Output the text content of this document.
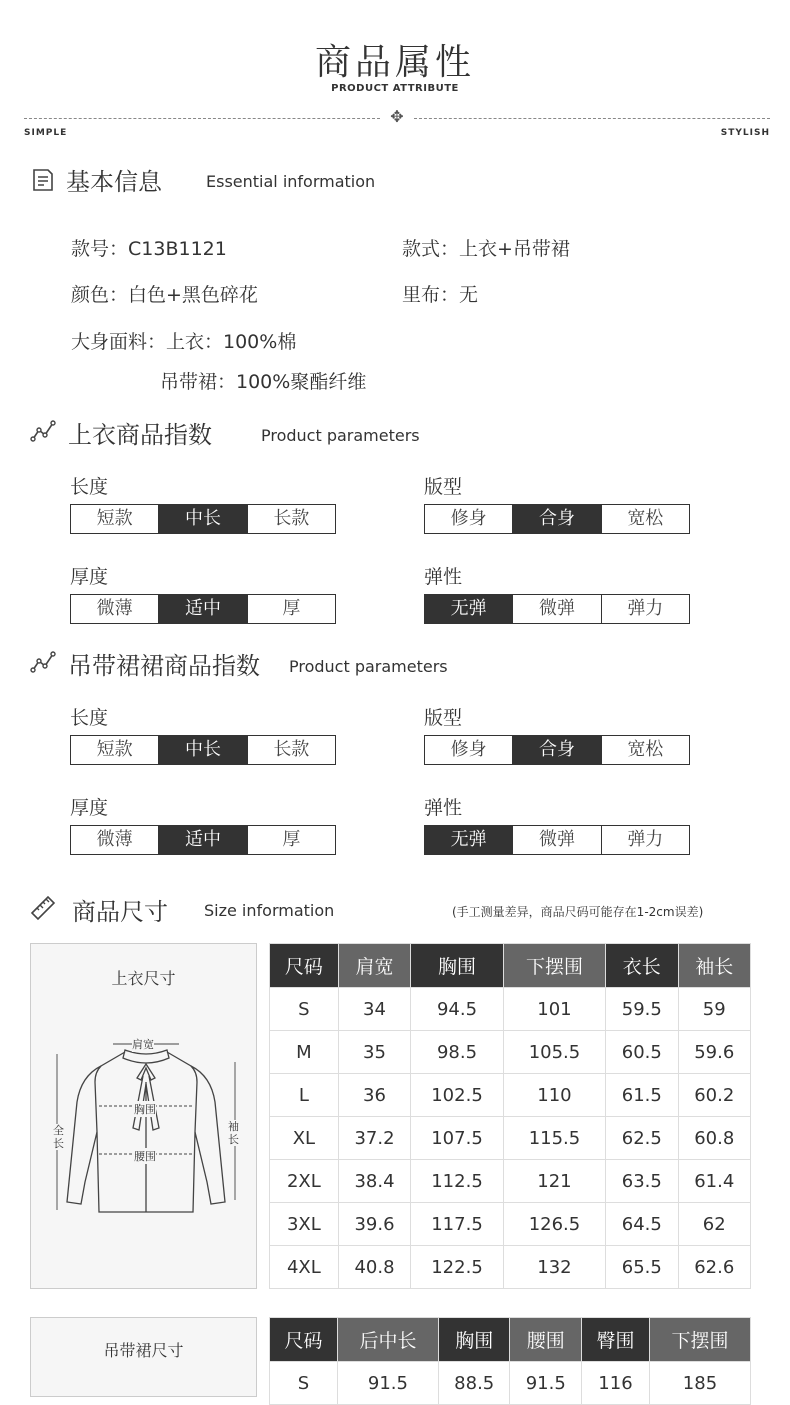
商品属性
PRODUCT ATTRIBUTE
✥
SIMPLE	STYLISH
基本信息	Essential information
款号：C13B1121	款式：上衣+吊带裙
颜色：白色+黑色碎花	里布：无
大身面料：上衣：100%棉
吊带裙：100%聚酯纤维
上衣商品指数	Product parameters
长度
短款	中长	长款
版型
修身	合身	宽松
厚度
微薄	适中	厚
弹性
无弹	微弹	弹力
吊带裙裙商品指数 Product parameters
长度
短款	中长	长款
版型
修身	合身	宽松
厚度
微薄	适中	厚
弹性
无弹	微弹	弹力
商品尺寸 Size information	(手工测量差异，商品尺码可能存在1-2cm误差)
上衣尺寸
肩宽
胸围
腰围
全长
袖长
尺码	肩宽	胸围	下摆围	衣长	袖长
S	34	94.5	101	59.5	59
M	35	98.5	105.5	60.5	59.6
L	36	102.5	110	61.5	60.2
XL	37.2	107.5	115.5	62.5	60.8
2XL	38.4	112.5	121	63.5	61.4
3XL	39.6	117.5	126.5	64.5	62
4XL	40.8	122.5	132	65.5	62.6
吊带裙尺寸	尺码	后中长	胸围	腰围	臀围	下摆围
S	91.5	88.5	91.5	116	185
